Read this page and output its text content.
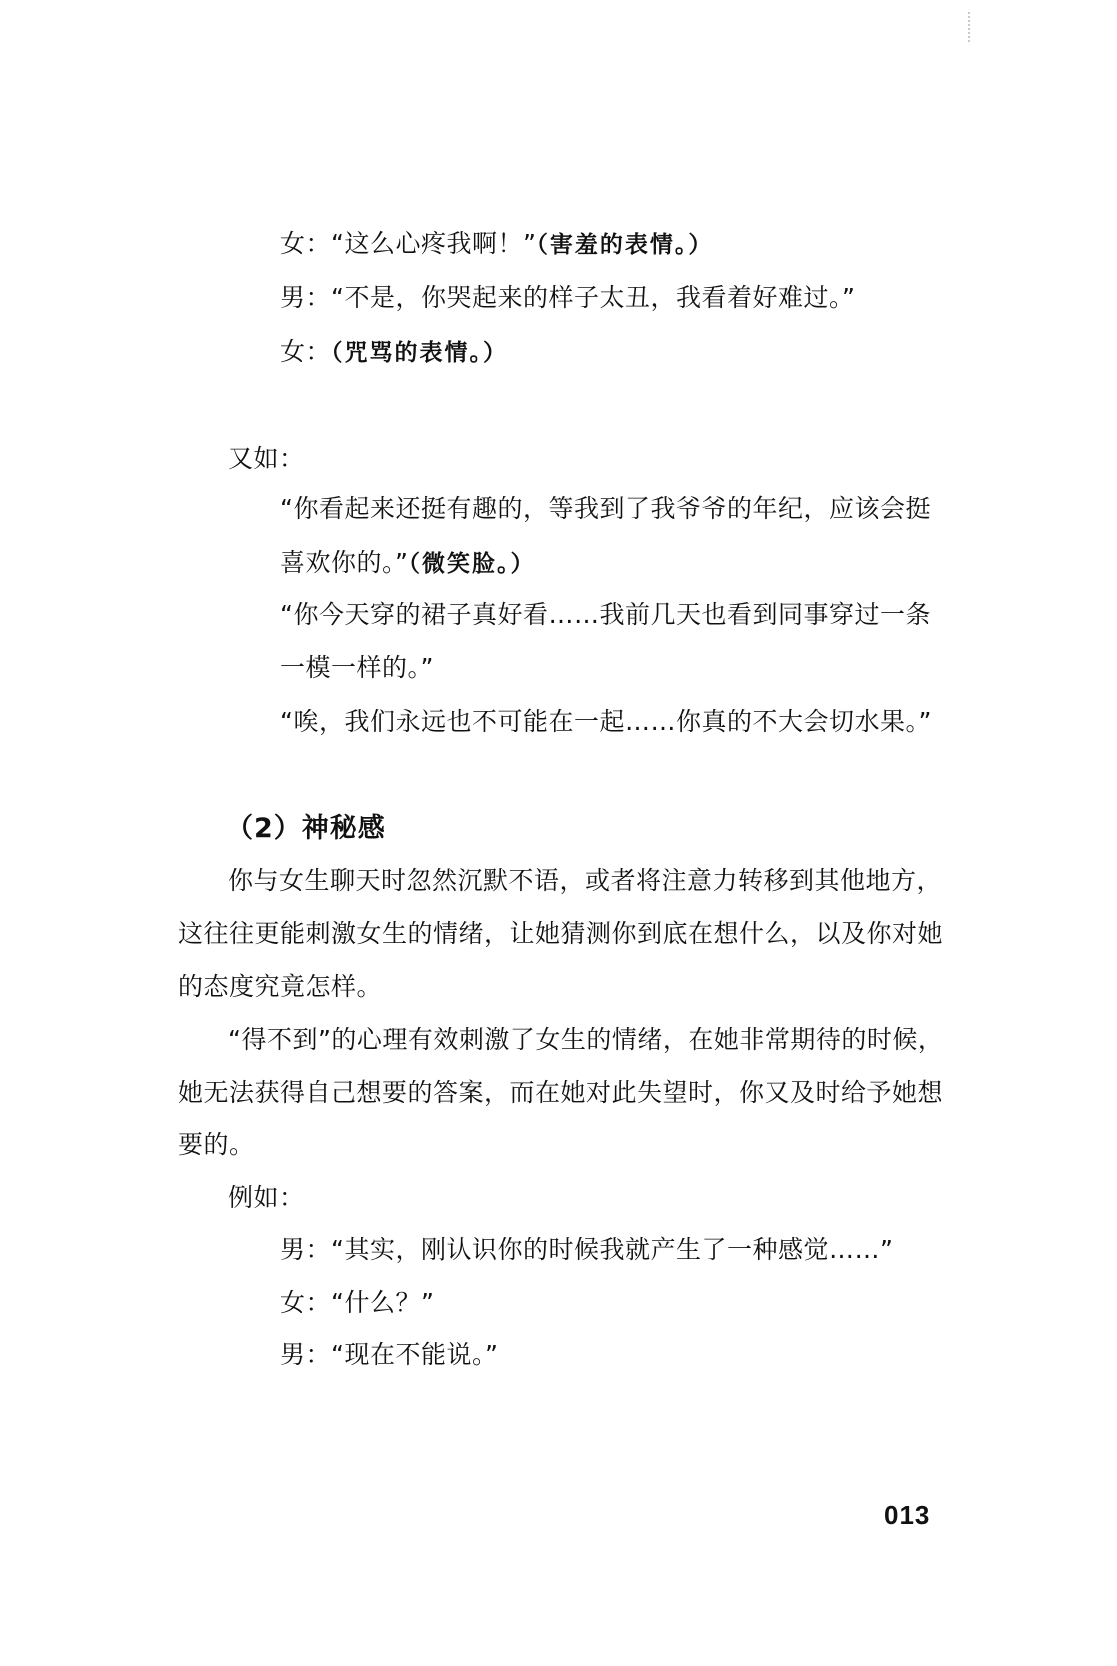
女：“这么心疼我啊！”（害羞的表情。）
男：“不是，你哭起来的样子太丑，我看着好难过。”
女：（咒骂的表情。）
又如：
“你看起来还挺有趣的，等我到了我爷爷的年纪，应该会挺
喜欢你的。”（微笑脸。）
“你今天穿的裙子真好看……我前几天也看到同事穿过一条
一模一样的。”
“唉，我们永远也不可能在一起……你真的不大会切水果。”
（2）神秘感
你与女生聊天时忽然沉默不语，或者将注意力转移到其他地方，
这往往更能刺激女生的情绪，让她猜测你到底在想什么，以及你对她
的态度究竟怎样。
“得不到”的心理有效刺激了女生的情绪，在她非常期待的时候，
她无法获得自己想要的答案，而在她对此失望时，你又及时给予她想
要的。
例如：
男：“其实，刚认识你的时候我就产生了一种感觉……”
女：“什么？”
男：“现在不能说。”
013
